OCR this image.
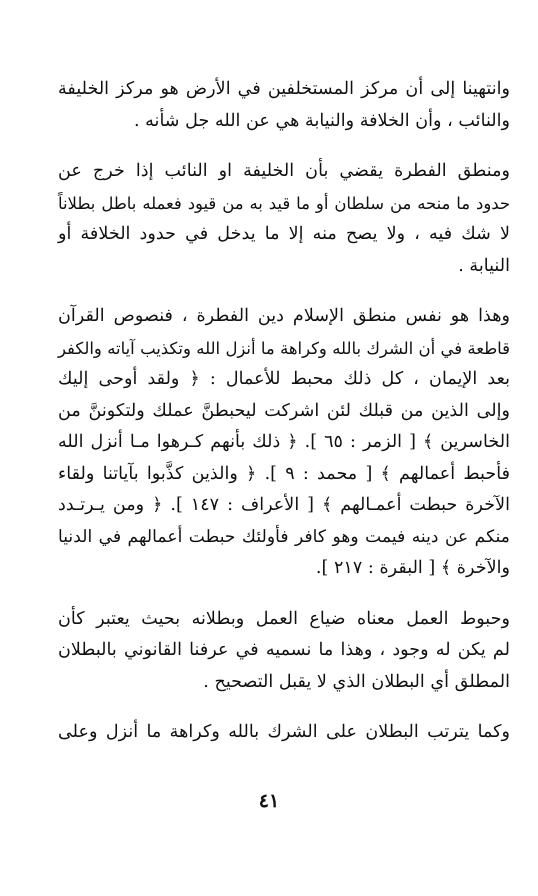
وانتهينا إلى أن مركز المستخلفين في الأرض هو مركز الخليفة
والنائب ، وأن الخلافة والنيابة هي عن الله جل شأنه .
ومنطق الفطرة يقضي بأن الخليفة او النائب إذا خرج عن
حدود ما منحه من سلطان أو ما قيد به من قيود فعمله باطل بطلاناً
لا شك فيه ، ولا يصح منه إلا ما يدخل في حدود الخلافة أو
النيابة .
وهذا هو نفس منطق الإسلام دين الفطرة ، فنصوص القرآن
قاطعة في أن الشرك بالله وكراهة ما أنزل الله وتكذيب آياته والكفر
بعد الإيمان ، كل ذلك محبط للأعمال : ﴿ ولقد أوحى إليك
وإلى الذين من قبلك لئن اشركت ليحبطنَّ عملك ولتكوننَّ من
الخاسرين ﴾ [ الزمر : ٦٥ ]. ﴿ ذلك بأنهم كـرهوا مـا أنزل الله
فأحبط أعمالهم ﴾ [ محمد : ٩ ]. ﴿ والذين كذَّبوا بآياتنا ولقاء
الآخرة حبطت أعمـالهم ﴾ [ الأعراف : ١٤٧ ]. ﴿ ومن يـرتـدد
منكم عن دينه فيمت وهو كافر فأولئك حبطت أعمالهم في الدنيا
والآخرة ﴾ [ البقرة : ٢١٧ ].
وحبوط العمل معناه ضياع العمل وبطلانه بحيث يعتبر كأن
لم يكن له وجود ، وهذا ما نسميه في عرفنا القانوني بالبطلان
المطلق أي البطلان الذي لا يقبل التصحيح .
وكما يترتب البطلان على الشرك بالله وكراهة ما أنزل وعلى
٤١
